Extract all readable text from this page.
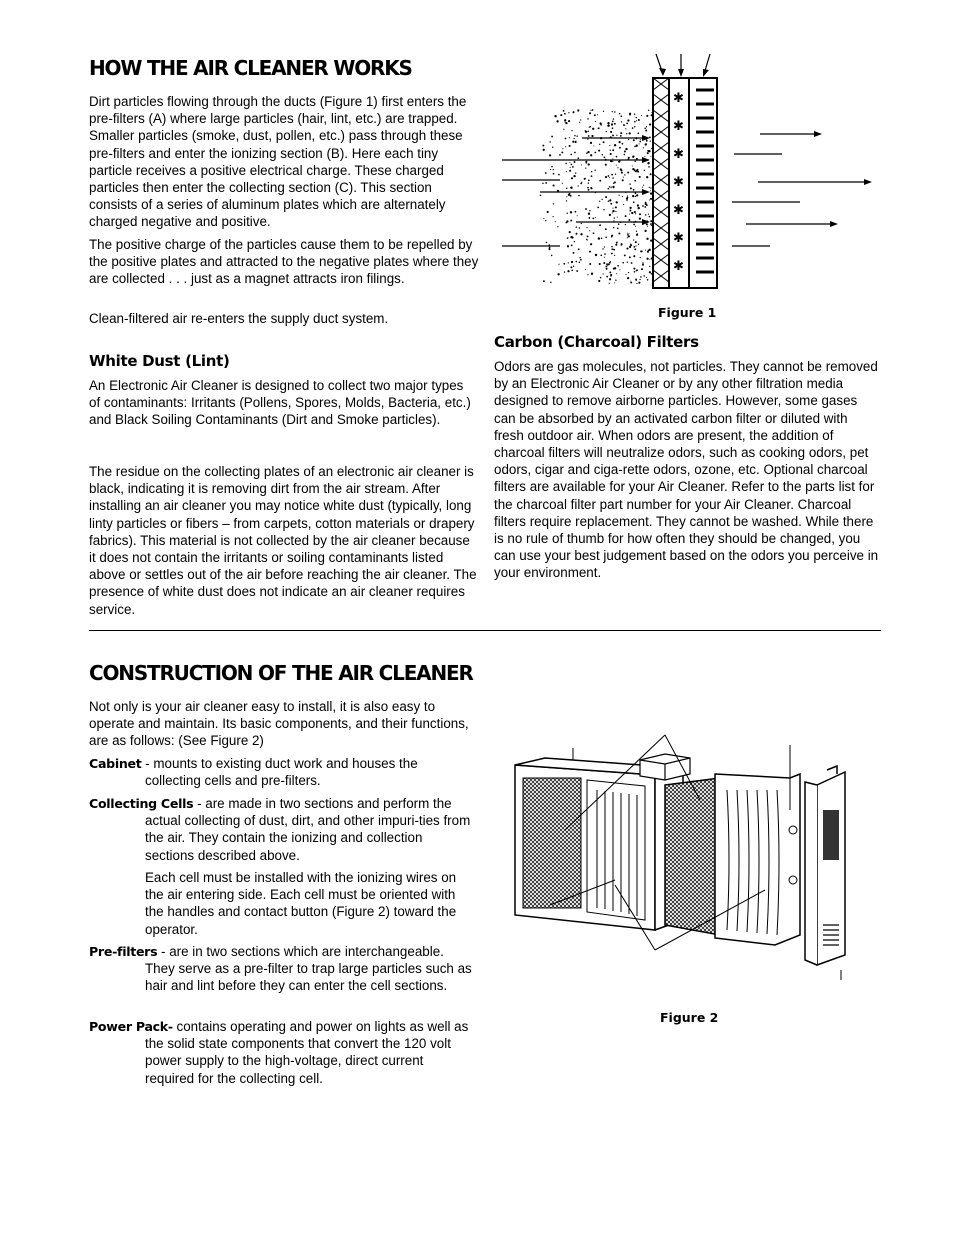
HOW THE AIR CLEANER WORKS

Dirt particles flowing through the ducts (Figure 1) first enters the pre-filters (A) where large particles (hair, lint, etc.) are trapped. Smaller particles (smoke, dust, pollen, etc.) pass through these pre-filters and enter the ionizing section (B). Here each tiny particle receives a positive electrical charge. These charged particles then enter the collecting section (C). This section consists of a series of aluminum plates which are alternately charged negative and positive.

The positive charge of the particles cause them to be repelled by the positive plates and attracted to the negative plates where they are collected . . . just as a magnet attracts iron filings.

Clean-filtered air re-enters the supply duct system.

White Dust (Lint)

An Electronic Air Cleaner is designed to collect two major types of contaminants: Irritants (Pollens, Spores, Molds, Bacteria, etc.) and Black Soiling Contaminants (Dirt and Smoke particles).

The residue on the collecting plates of an electronic air cleaner is black, indicating it is removing dirt from the air stream. After installing an air cleaner you may notice white dust (typically, long linty particles or fibers – from carpets, cotton materials or drapery fabrics). This material is not collected by the air cleaner because it does not contain the irritants or soiling contaminants listed above or settles out of the air before reaching the air cleaner. The presence of white dust does not indicate an air cleaner requires service.

✱
✱
✱
✱
✱
✱
✱
Figure 1
Carbon (Charcoal) Filters

Odors are gas molecules, not particles. They cannot be removed by an Electronic Air Cleaner or by any other filtration media designed to remove airborne particles. However, some gases can be absorbed by an activated carbon filter or diluted with fresh outdoor air. When odors are present, the addition of charcoal filters will neutralize odors, such as cooking odors, pet odors, cigar and ciga-rette odors, ozone, etc. Optional charcoal filters are available for your Air Cleaner. Refer to the parts list for the charcoal filter part number for your Air Cleaner. Charcoal filters require replacement. They cannot be washed. While there is no rule of thumb for how often they should be changed, you can use your best judgement based on the odors you perceive in your environment.

CONSTRUCTION OF THE AIR CLEANER

Not only is your air cleaner easy to install, it is also easy to operate and maintain. Its basic components, and their functions, are as follows: (See Figure 2)

Cabinet - mounts to existing duct work and houses the collecting cells and pre-filters.

Collecting Cells - are made in two sections and perform the actual collecting of dust, dirt, and other impuri-ties from the air. They contain the ionizing and collection sections described above.

Each cell must be installed with the ionizing wires on the air entering side. Each cell must be oriented with the handles and contact button (Figure 2) toward the operator.

Pre-filters - are in two sections which are interchangeable. They serve as a pre-filter to trap large particles such as hair and lint before they can enter the cell sections.

Power Pack- contains operating and power on lights as well as the solid state components that convert the 120 volt power supply to the high-voltage, direct current required for the collecting cell.

Figure 2
